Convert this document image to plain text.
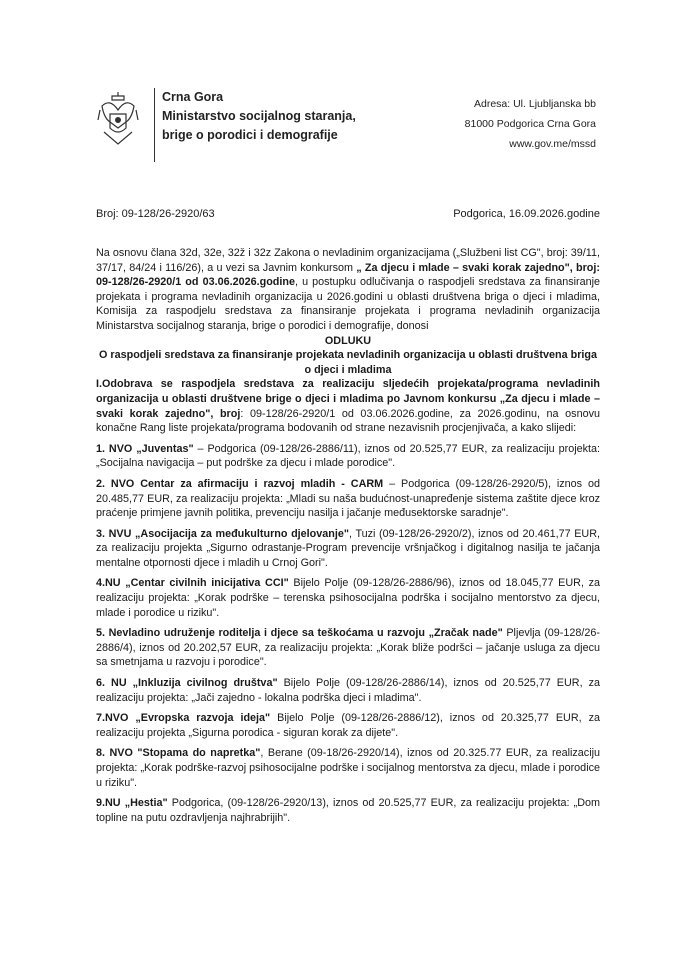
Crna Gora
Ministarstvo socijalnog staranja,
brige o porodici i demografije
Adresa: Ul. Ljubljanska bb
81000 Podgorica Crna Gora
www.gov.me/mssd
Broj: 09-128/26-2920/63	Podgorica, 16.09.2026.godine

Na osnovu člana 32d, 32e, 32ž i 32z Zakona o nevladinim organizacijama („Službeni list CG", broj: 39/11, 37/17, 84/24 i 116/26), a u vezi sa Javnim konkursom „ Za djecu i mlade – svaki korak zajedno", broj: 09-128/26-2920/1 od 03.06.2026.godine, u postupku odlučivanja o raspodjeli sredstava za finansiranje projekata i programa nevladinih organizacija u 2026.godini u oblasti društvena briga o djeci i mladima, Komisija za raspodjelu sredstava za finansiranje projekata i programa nevladinih organizacija Ministarstva socijalnog staranja, brige o porodici i demografije, donosi

ODLUKU

O raspodjeli sredstava za finansiranje projekata nevladinih organizacija u oblasti društvena briga o djeci i mladima

I.Odobrava se raspodjela sredstava za realizaciju sljedećih projekata/programa nevladinih organizacija u oblasti društvene brige o djeci i mladima po Javnom konkursu „Za djecu i mlade – svaki korak zajedno", broj: 09-128/26-2920/1 od 03.06.2026.godine, za 2026.godinu, na osnovu konačne Rang liste projekata/programa bodovanih od strane nezavisnih procjenjivača, a kako slijedi:

1. NVO „Juventas" – Podgorica (09-128/26-2886/11), iznos od 20.525,77 EUR, za realizaciju projekta: „Socijalna navigacija – put podrške za djecu i mlade porodice".

2. NVO Centar za afirmaciju i razvoj mladih - CARM – Podgorica (09-128/26-2920/5), iznos od 20.485,77 EUR, za realizaciju projekta: „Mladi su naša budućnost-unapređenje sistema zaštite djece kroz praćenje primjene javnih politika, prevenciju nasilja i jačanje međusektorske saradnje".

3. NVU „Asocijacija za međukulturno djelovanje", Tuzi (09-128/26-2920/2), iznos od 20.461,77 EUR, za realizaciju projekta „Sigurno odrastanje-Program prevencije vršnjačkog i digitalnog nasilja te jačanja mentalne otpornosti djece i mladih u Crnoj Gori".

4.NU „Centar civilnih inicijativa CCI" Bijelo Polje (09-128/26-2886/96), iznos od 18.045,77 EUR, za realizaciju projekta: „Korak podrške – terenska psihosocijalna podrška i socijalno mentorstvo za djecu, mlade i porodice u riziku".

5. Nevladino udruženje roditelja i djece sa teškoćama u razvoju „Zračak nade" Pljevlja (09-128/26-2886/4), iznos od 20.202,57 EUR, za realizaciju projekta: „Korak bliže podršci – jačanje usluga za djecu sa smetnjama u razvoju i porodice".

6. NU „Inkluzija civilnog društva" Bijelo Polje (09-128/26-2886/14), iznos od 20.525,77 EUR, za realizaciju projekta: „Jači zajedno - lokalna podrška djeci i mladima".

7.NVO „Evropska razvoja ideja" Bijelo Polje (09-128/26-2886/12), iznos od 20.325,77 EUR, za realizaciju projekta „Sigurna porodica - siguran korak za dijete".

8. NVO "Stopama do napretka", Berane (09-18/26-2920/14), iznos od 20.325.77 EUR, za realizaciju projekta: „Korak podrške-razvoj psihosocijalne podrške i socijalnog mentorstva za djecu, mlade i porodice u riziku".

9.NU „Hestia" Podgorica, (09-128/26-2920/13), iznos od 20.525,77 EUR, za realizaciju projekta: „Dom topline na putu ozdravljenja najhrabrijih".
